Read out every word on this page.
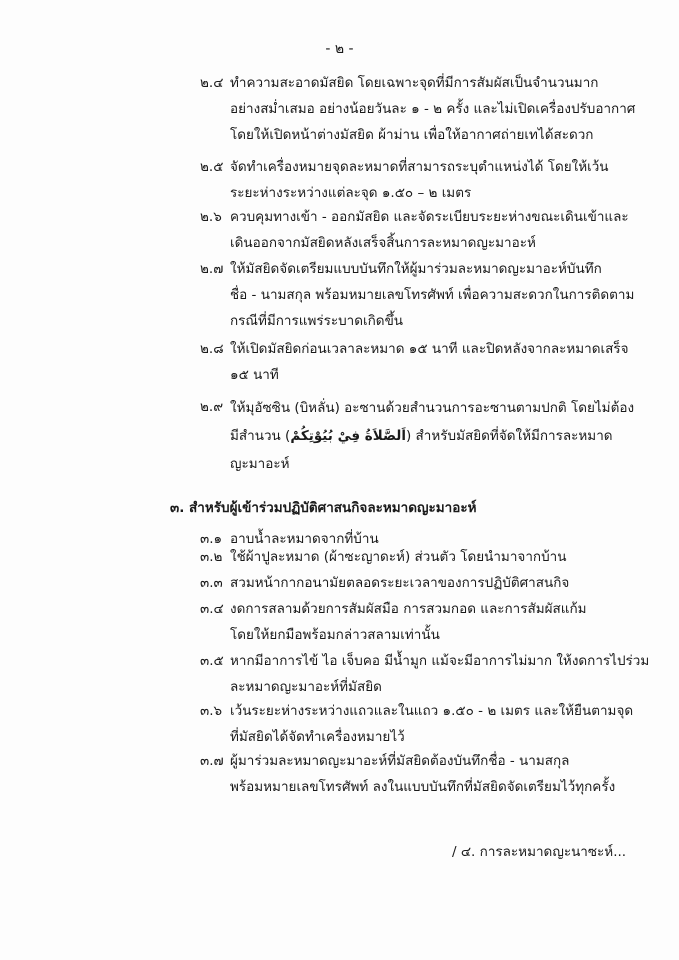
- ๒ -
๒.๔ ทำความสะอาดมัสยิด โดยเฉพาะจุดที่มีการสัมผัสเป็นจำนวนมาก
อย่างสม่ำเสมอ อย่างน้อยวันละ ๑ - ๒ ครั้ง และไม่เปิดเครื่องปรับอากาศ
โดยให้เปิดหน้าต่างมัสยิด ผ้าม่าน เพื่อให้อากาศถ่ายเทได้สะดวก
๒.๕ จัดทำเครื่องหมายจุดละหมาดที่สามารถระบุตำแหน่งได้ โดยให้เว้น
ระยะห่างระหว่างแต่ละจุด ๑.๕๐ – ๒ เมตร
๒.๖ ควบคุมทางเข้า - ออกมัสยิด และจัดระเบียบระยะห่างขณะเดินเข้าและ
เดินออกจากมัสยิดหลังเสร็จสิ้นการละหมาดญะมาอะห์
๒.๗ ให้มัสยิดจัดเตรียมแบบบันทึกให้ผู้มาร่วมละหมาดญะมาอะห์บันทึก
ชื่อ - นามสกุล พร้อมหมายเลขโทรศัพท์ เพื่อความสะดวกในการติดตาม
กรณีที่มีการแพร่ระบาดเกิดขึ้น
๒.๘ ให้เปิดมัสยิดก่อนเวลาละหมาด ๑๕ นาที และปิดหลังจากละหมาดเสร็จ
๑๕ นาที
๒.๙ ให้มุอัซซิน (บิหลั่น) อะซานด้วยสำนวนการอะซานตามปกติ โดยไม่ต้อง
มีสำนวน (اَلصَّلاَةُ فِيْ بُيُوْتِكُمْ) สำหรับมัสยิดที่จัดให้มีการละหมาด
ญะมาอะห์
๓. สำหรับผู้เข้าร่วมปฏิบัติศาสนกิจละหมาดญะมาอะห์
๓.๑ อาบน้ำละหมาดจากที่บ้าน
๓.๒ ใช้ผ้าปูละหมาด (ผ้าซะญาดะห์) ส่วนตัว โดยนำมาจากบ้าน
๓.๓ สวมหน้ากากอนามัยตลอดระยะเวลาของการปฏิบัติศาสนกิจ
๓.๔ งดการสลามด้วยการสัมผัสมือ การสวมกอด และการสัมผัสแก้ม
โดยให้ยกมือพร้อมกล่าวสลามเท่านั้น
๓.๕ หากมีอาการไข้ ไอ เจ็บคอ มีน้ำมูก แม้จะมีอาการไม่มาก ให้งดการไปร่วม
ละหมาดญะมาอะห์ที่มัสยิด
๓.๖ เว้นระยะห่างระหว่างแถวและในแถว ๑.๕๐ - ๒ เมตร และให้ยืนตามจุด
ที่มัสยิดได้จัดทำเครื่องหมายไว้
๓.๗ ผู้มาร่วมละหมาดญะมาอะห์ที่มัสยิดต้องบันทึกชื่อ - นามสกุล
พร้อมหมายเลขโทรศัพท์ ลงในแบบบันทึกที่มัสยิดจัดเตรียมไว้ทุกครั้ง
/ ๔. การละหมาดญะนาซะห์...
